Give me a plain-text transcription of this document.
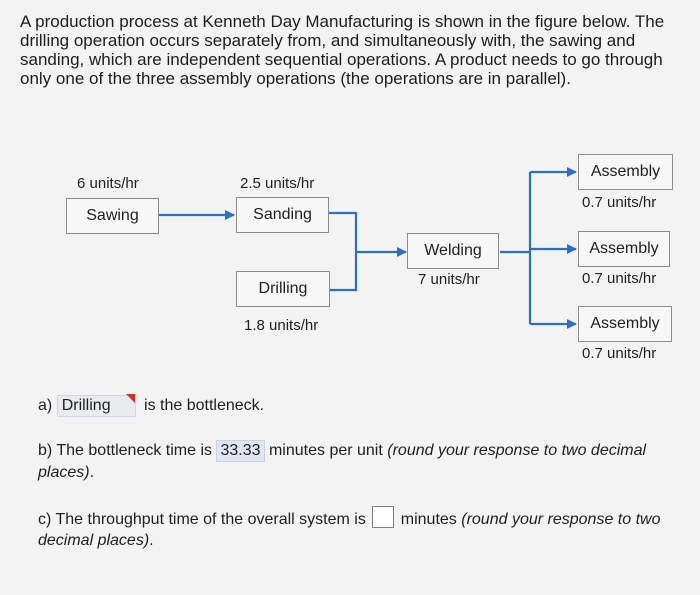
A production process at Kenneth Day Manufacturing is shown in the figure below. The drilling operation occurs separately from, and simultaneously with, the sawing and sanding, which are independent sequential operations. A product needs to go through only one of the three assembly operations (the operations are in parallel).
6 units/hr
Sawing
2.5 units/hr
Sanding
Drilling
1.8 units/hr
Welding
7 units/hr
Assembly
0.7 units/hr
Assembly
0.7 units/hr
Assembly
0.7 units/hr
a) Drilling is the bottleneck.
b) The bottleneck time is 33.33 minutes per unit (round your response to two decimal places).
c) The throughput time of the overall system is minutes (round your response to two decimal places).
